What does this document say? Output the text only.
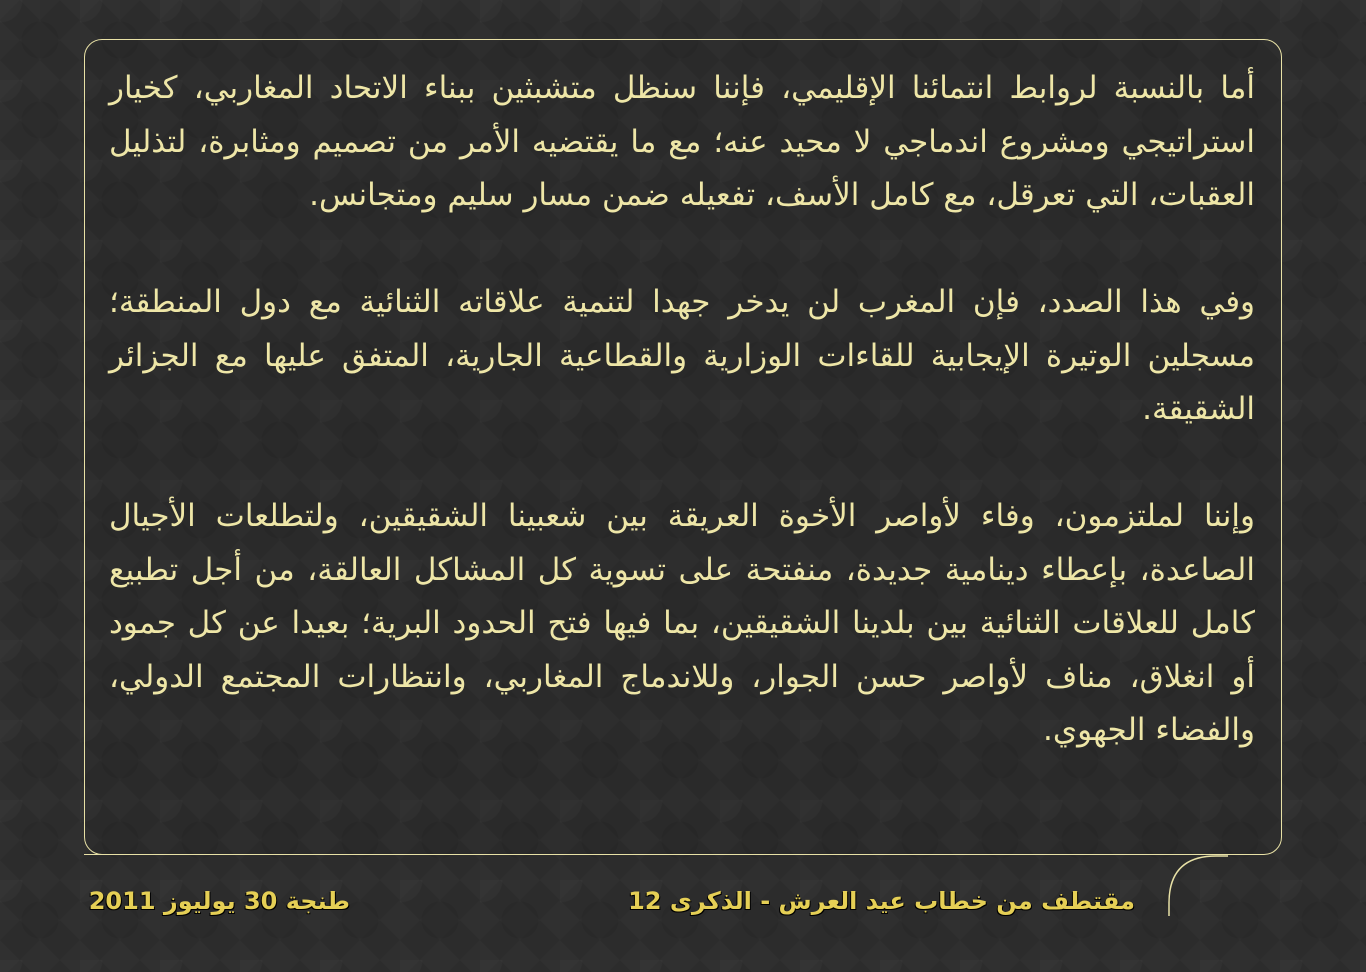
أما بالنسبة لروابط انتمائنا الإقليمي، فإننا سنظل متشبثين ببناء الاتحاد المغاربي، كخيار استراتيجي ومشروع اندماجي لا محيد عنه؛ مع ما يقتضيه الأمر من تصميم ومثابرة، لتذليل العقبات، التي تعرقل، مع كامل الأسف، تفعيله ضمن مسار سليم ومتجانس.

وفي هذا الصدد، فإن المغرب لن يدخر جهدا لتنمية علاقاته الثنائية مع دول المنطقة؛ مسجلين الوتيرة الإيجابية للقاءات الوزارية والقطاعية الجارية، المتفق عليها مع الجزائر الشقيقة.

وإننا لملتزمون، وفاء لأواصر الأخوة العريقة بين شعبينا الشقيقين، ولتطلعات الأجيال الصاعدة، بإعطاء دينامية جديدة، منفتحة على تسوية كل المشاكل العالقة، من أجل تطبيع كامل للعلاقات الثنائية بين بلدينا الشقيقين، بما فيها فتح الحدود البرية؛ بعيدا عن كل جمود أو انغلاق، مناف لأواصر حسن الجوار، وللاندماج المغاربي، وانتظارات المجتمع الدولي، والفضاء الجهوي.

مقتطف من خطاب عيد العرش - الذكرى 12
طنجة 30 يوليوز 2011
